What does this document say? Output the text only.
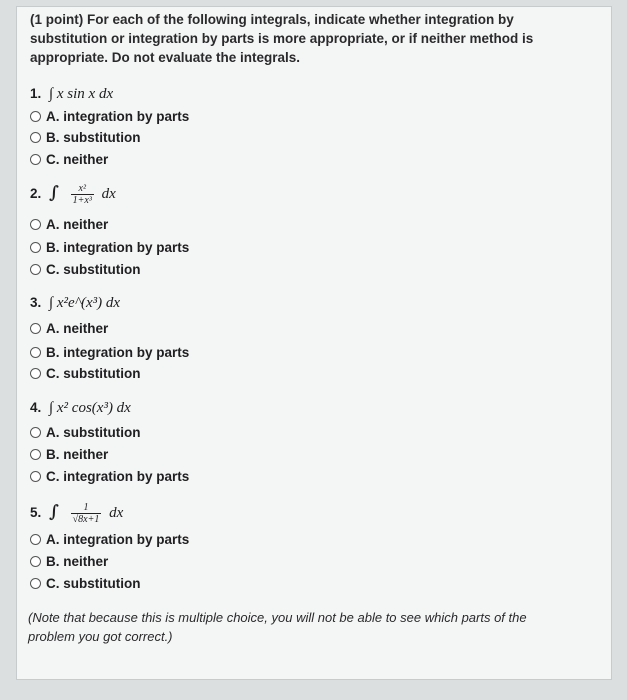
(1 point) For each of the following integrals, indicate whether integration by substitution or integration by parts is more appropriate, or if neither method is appropriate. Do not evaluate the integrals.
1. ∫ x sin x dx
A. integration by parts
B. substitution
C. neither
2. ∫ $\frac{\text{x²}}{\text{1+x³}}$ dx
A. neither
B. integration by parts
C. substitution
3. ∫ x²e^(x³) dx
A. neither
B. integration by parts
C. substitution
4. ∫ x² cos(x³) dx
A. substitution
B. neither
C. integration by parts
5. ∫ $\frac{1}{√8x+1}$ dx
A. integration by parts
B. neither
C. substitution
(Note that because this is multiple choice, you will not be able to see which parts of the problem you got correct.)
